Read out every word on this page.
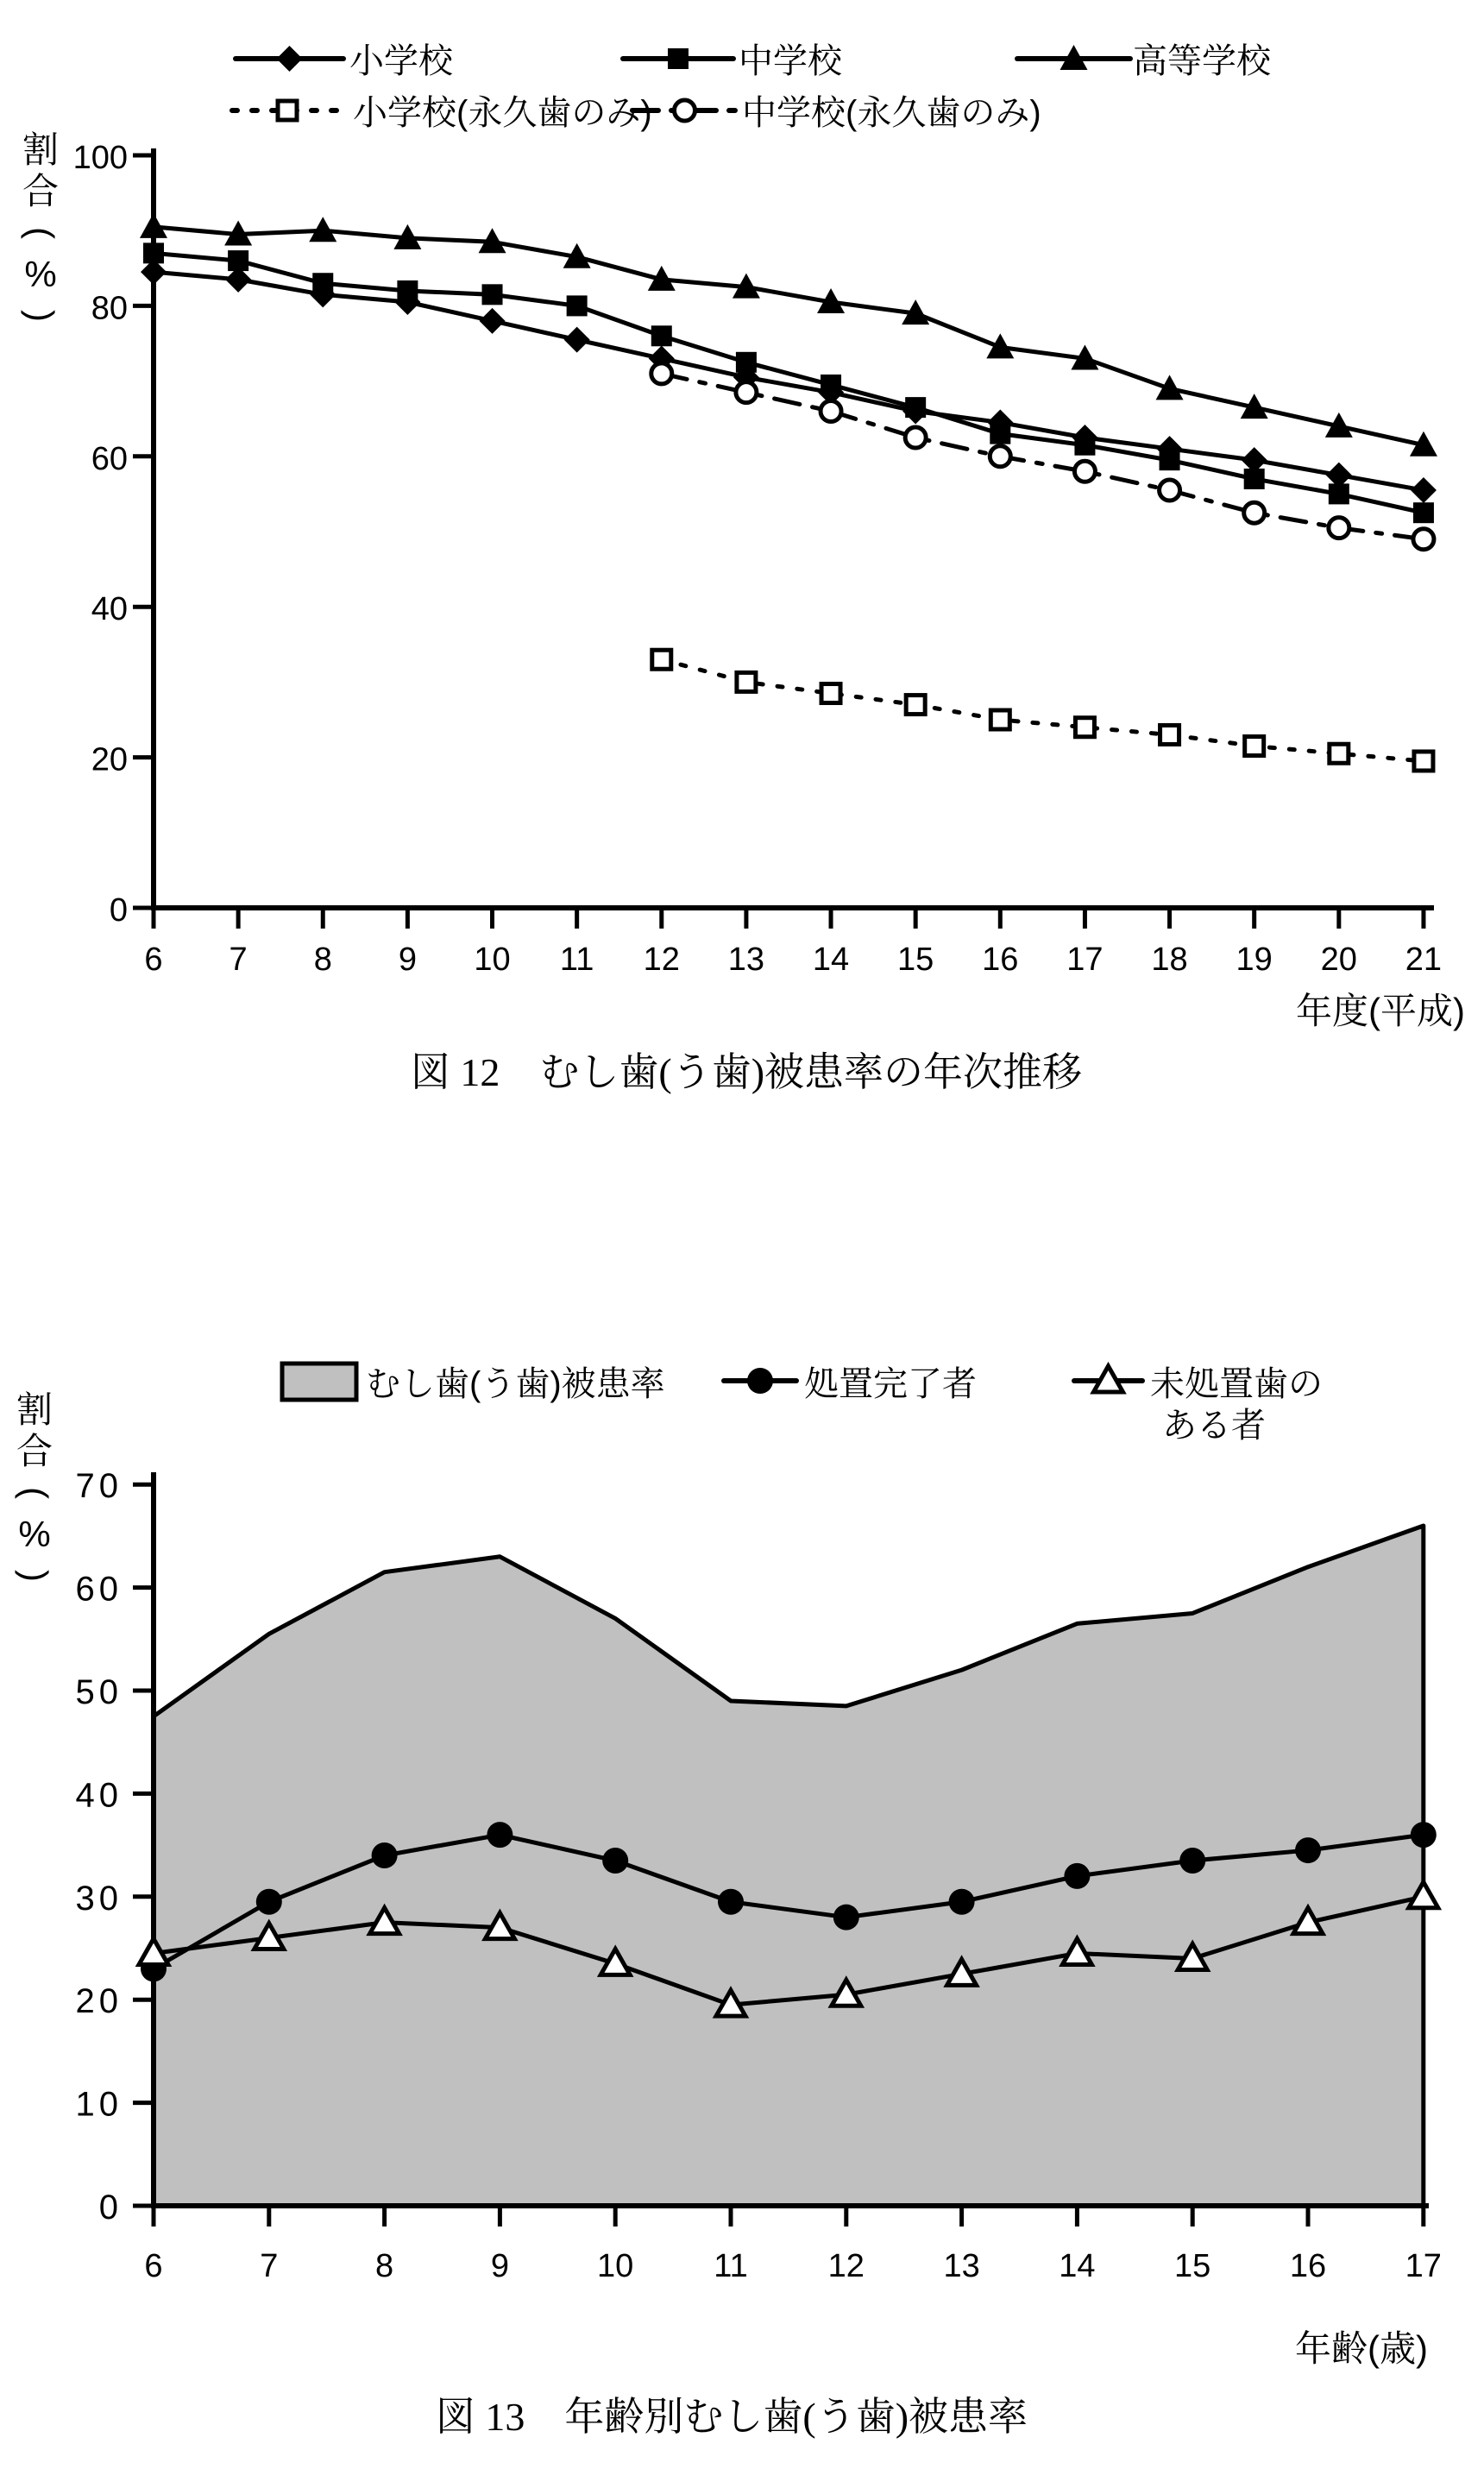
小学校	中学校	高等学校
小学校(永久歯のみ)	中学校(永久歯のみ)
0
20
40
60
80
100
6 7 8 9 10 11 12 13 14 15 16 17 18 19 20 21
割
合
(
%
)
年度(平成)
図 12　むし歯(う歯)被患率の年次推移
むし歯(う歯)被患率	処置完了者	未処置歯の
ある者
0
10
20
30
40
50
60
70
6	7	8	9	10 11 12 13 14 15 16 17
割
合
(
%
)
年齢(歳)
図 13　年齢別むし歯(う歯)被患率
